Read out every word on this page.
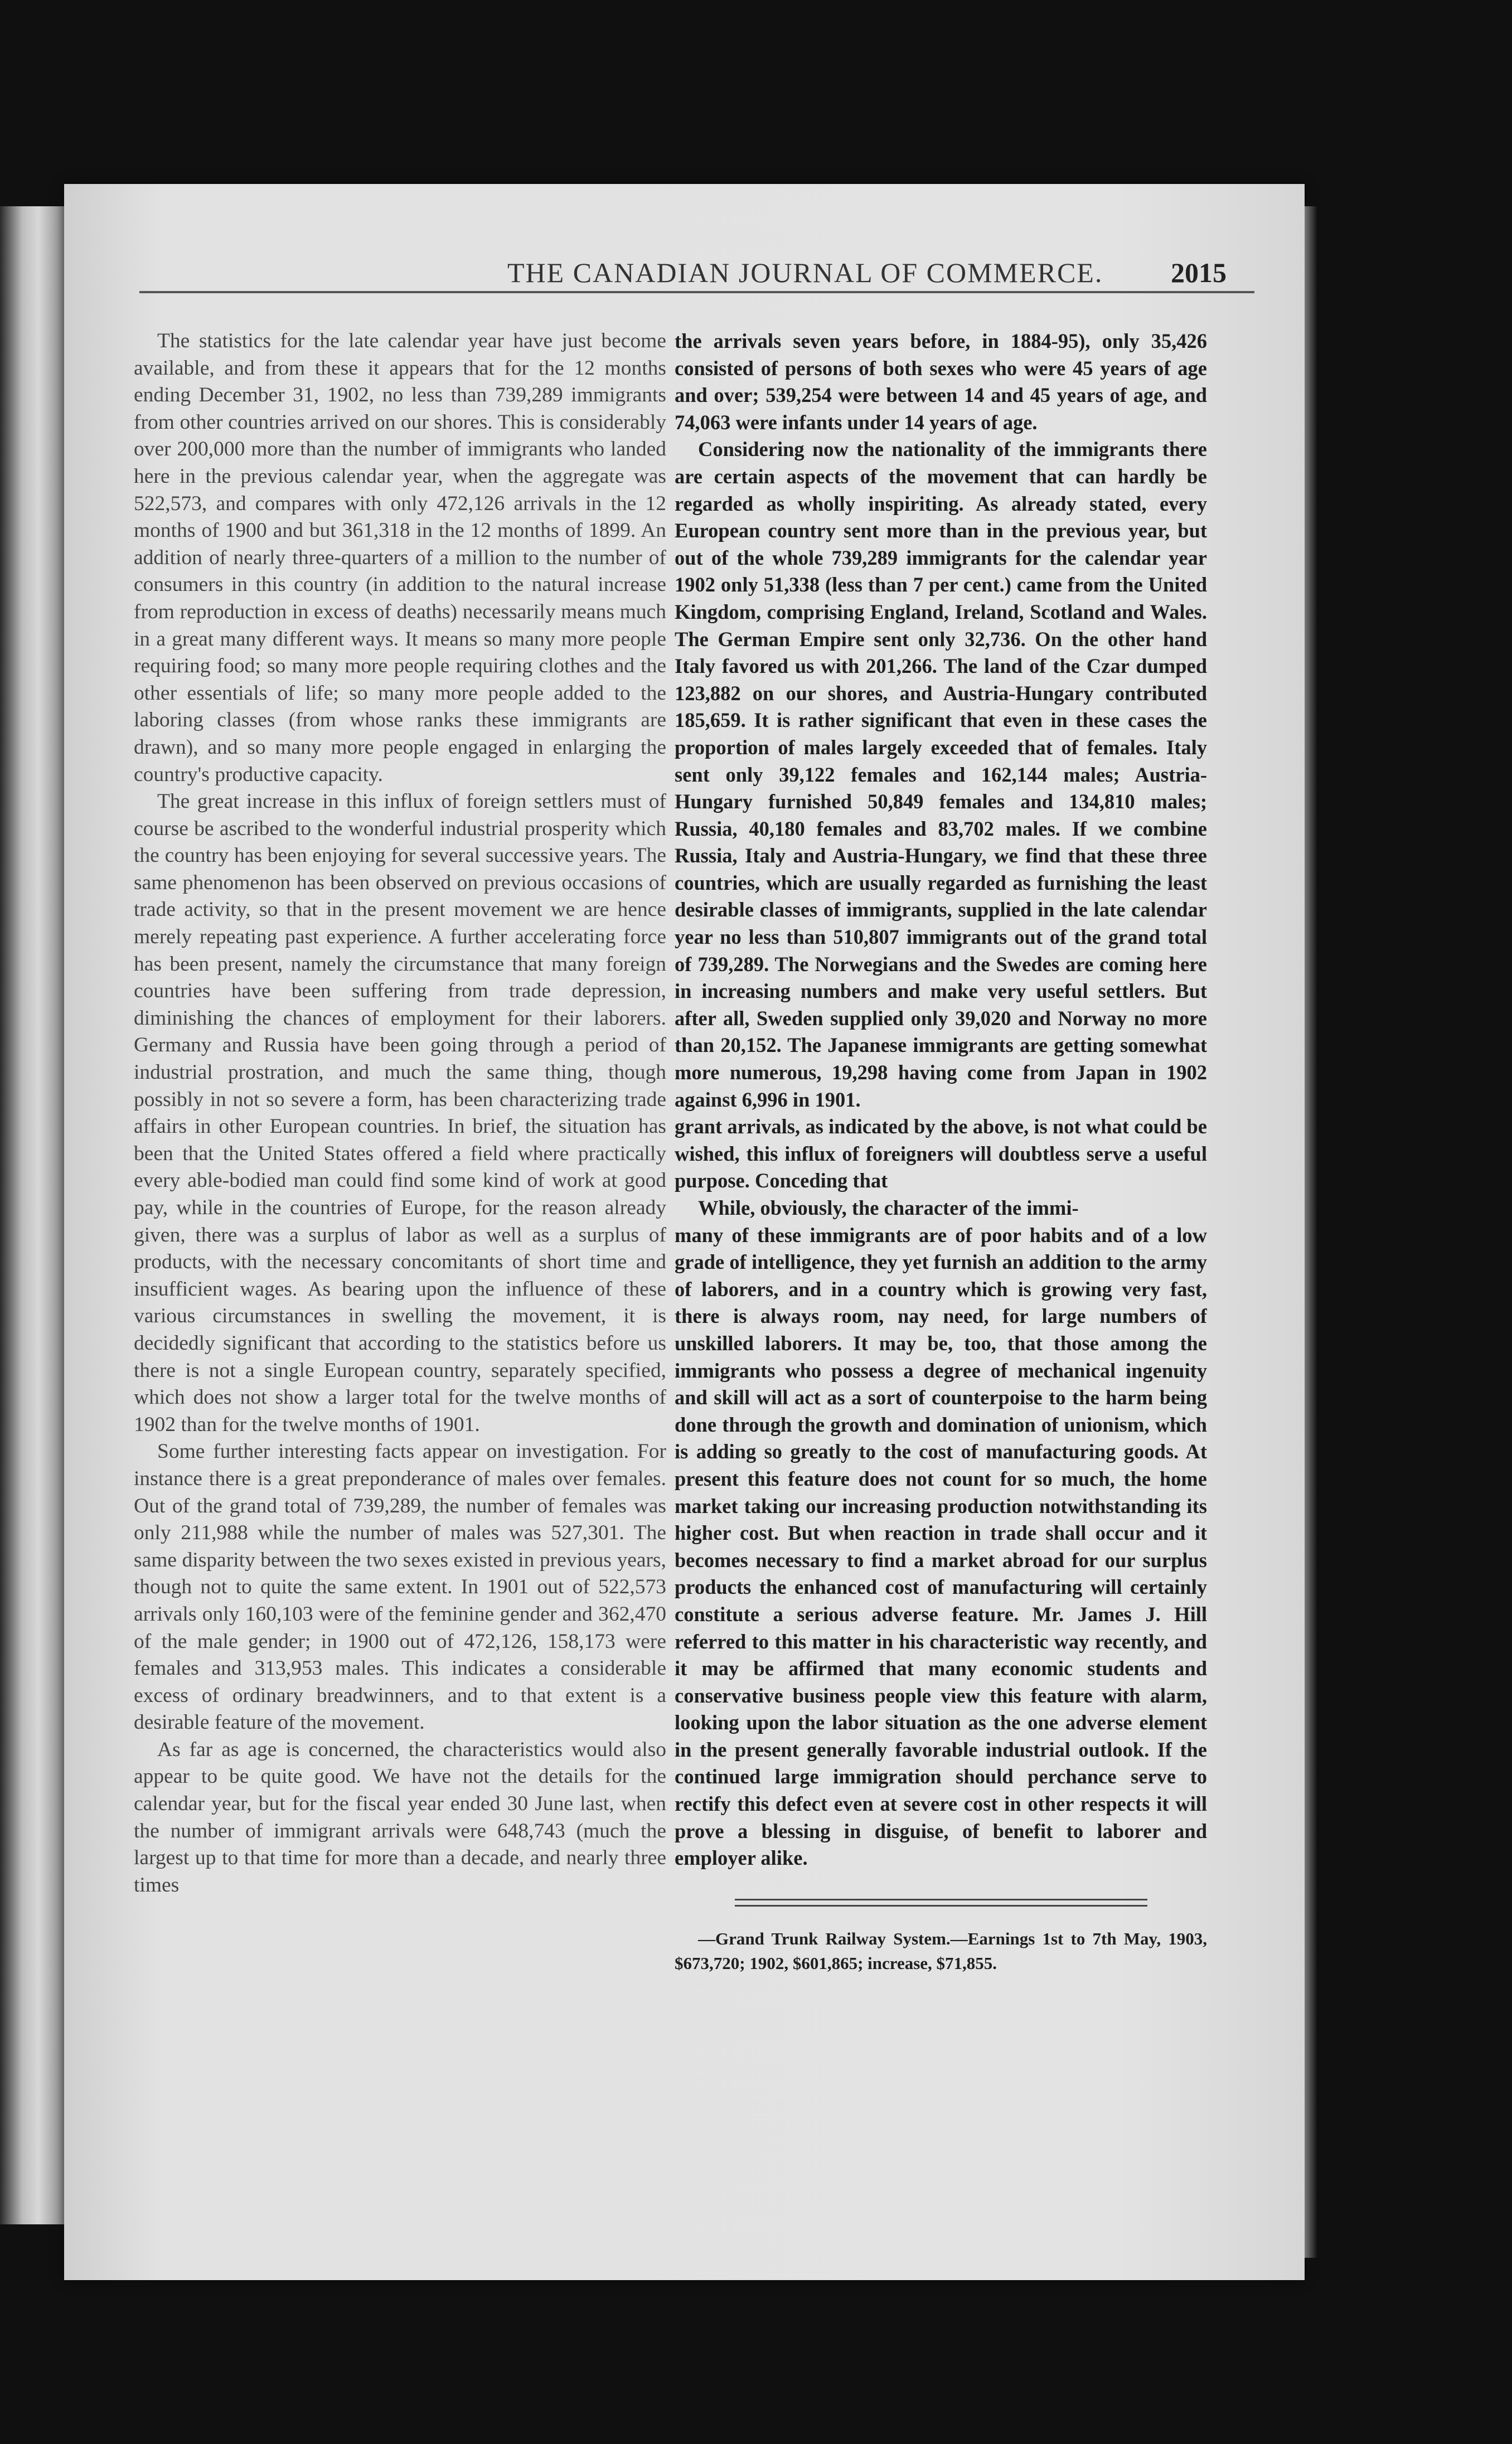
THE CANADIAN JOURNAL OF COMMERCE. 2015

The statistics for the late calendar year have just become available, and from these it appears that for the 12 months ending December 31, 1902, no less than 739,289 immigrants from other countries arrived on our shores. This is considerably over 200,000 more than the number of immigrants who landed here in the previous calendar year, when the aggregate was 522,573, and compares with only 472,126 arrivals in the 12 months of 1900 and but 361,318 in the 12 months of 1899. An addition of nearly three-quarters of a million to the number of consumers in this country (in addition to the natural increase from reproduction in excess of deaths) necessarily means much in a great many different ways. It means so many more people requiring food; so many more people requiring clothes and the other essentials of life; so many more people added to the laboring classes (from whose ranks these immigrants are drawn), and so many more people engaged in enlarging the country's productive capacity.

The great increase in this influx of foreign settlers must of course be ascribed to the wonderful industrial prosperity which the country has been enjoying for several successive years. The same phenomenon has been observed on previous occasions of trade activity, so that in the present movement we are hence merely repeating past experience. A further accelerating force has been present, namely the circumstance that many foreign countries have been suffering from trade depression, diminishing the chances of employment for their laborers. Germany and Russia have been going through a period of industrial prostration, and much the same thing, though possibly in not so severe a form, has been characterizing trade affairs in other European countries. In brief, the situation has been that the United States offered a field where practically every able-bodied man could find some kind of work at good pay, while in the countries of Europe, for the reason already given, there was a surplus of labor as well as a surplus of products, with the necessary concomitants of short time and insufficient wages. As bearing upon the influence of these various circumstances in swelling the movement, it is decidedly significant that according to the statistics before us there is not a single European country, separately specified, which does not show a larger total for the twelve months of 1902 than for the twelve months of 1901.

Some further interesting facts appear on investigation. For instance there is a great preponderance of males over females. Out of the grand total of 739,289, the number of females was only 211,988 while the number of males was 527,301. The same disparity between the two sexes existed in previous years, though not to quite the same extent. In 1901 out of 522,573 arrivals only 160,103 were of the feminine gender and 362,470 of the male gender; in 1900 out of 472,126, 158,173 were females and 313,953 males. This indicates a considerable excess of ordinary breadwinners, and to that extent is a desirable feature of the movement.

As far as age is concerned, the characteristics would also appear to be quite good. We have not the details for the calendar year, but for the fiscal year ended 30 June last, when the number of immigrant arrivals were 648,743 (much the largest up to that time for more than a decade, and nearly three times

the arrivals seven years before, in 1884-95), only 35,426 consisted of persons of both sexes who were 45 years of age and over; 539,254 were between 14 and 45 years of age, and 74,063 were infants under 14 years of age.

Considering now the nationality of the immigrants there are certain aspects of the movement that can hardly be regarded as wholly inspiriting. As already stated, every European country sent more than in the previous year, but out of the whole 739,289 immigrants for the calendar year 1902 only 51,338 (less than 7 per cent.) came from the United Kingdom, comprising England, Ireland, Scotland and Wales. The German Empire sent only 32,736. On the other hand Italy favored us with 201,266. The land of the Czar dumped 123,882 on our shores, and Austria-Hungary contributed 185,659. It is rather significant that even in these cases the proportion of males largely exceeded that of females. Italy sent only 39,122 females and 162,144 males; Austria-Hungary furnished 50,849 females and 134,810 males; Russia, 40,180 females and 83,702 males. If we combine Russia, Italy and Austria-Hungary, we find that these three countries, which are usually regarded as furnishing the least desirable classes of immigrants, supplied in the late calendar year no less than 510,807 immigrants out of the grand total of 739,289. The Norwegians and the Swedes are coming here in increasing numbers and make very useful settlers. But after all, Sweden supplied only 39,020 and Norway no more than 20,152. The Japanese immigrants are getting somewhat more numerous, 19,298 having come from Japan in 1902 against 6,996 in 1901.

grant arrivals, as indicated by the above, is not what could be wished, this influx of foreigners will doubtless serve a useful purpose. Conceding that

While, obviously, the character of the immi-

many of these immigrants are of poor habits and of a low grade of intelligence, they yet furnish an addition to the army of laborers, and in a country which is growing very fast, there is always room, nay need, for large numbers of unskilled laborers. It may be, too, that those among the immigrants who possess a degree of mechanical ingenuity and skill will act as a sort of counterpoise to the harm being done through the growth and domination of unionism, which is adding so greatly to the cost of manufacturing goods. At present this feature does not count for so much, the home market taking our increasing production notwithstanding its higher cost. But when reaction in trade shall occur and it becomes necessary to find a market abroad for our surplus products the enhanced cost of manufacturing will certainly constitute a serious adverse feature. Mr. James J. Hill referred to this matter in his characteristic way recently, and it may be affirmed that many economic students and conservative business people view this feature with alarm, looking upon the labor situation as the one adverse element in the present generally favorable industrial outlook. If the continued large immigration should perchance serve to rectify this defect even at severe cost in other respects it will prove a blessing in disguise, of benefit to laborer and employer alike.

—Grand Trunk Railway System.—Earnings 1st to 7th May, 1903, $673,720; 1902, $601,865; increase, $71,855.
